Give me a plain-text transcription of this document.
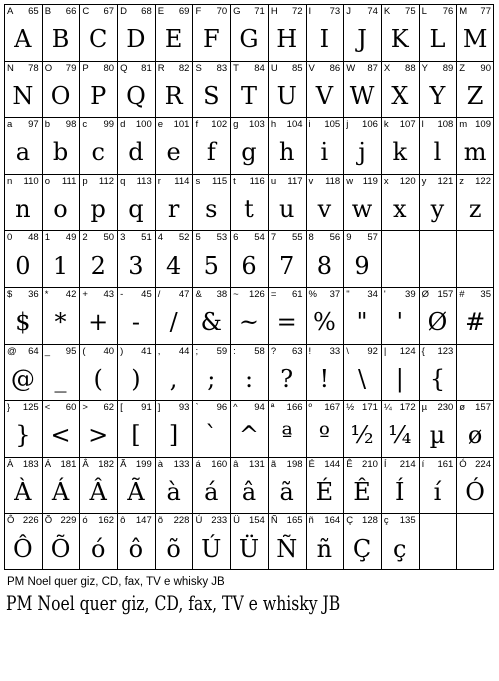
A 65
A
B 66
B
C 67
C
D 68
D
E 69
E
F 70
F
G 71
G
H 72
H
I 73
I
J 74
J
K 75
K
L 76
L
M 77
M
N 78
N
O 79
O
P 80
P
Q 81
Q
R 82
R
S 83
S
T 84
T
U 85
U
V 86
V
W 87
W
X 88
X
Y 89
Y
Z 90
Z
a 97
a
b 98
b
c 99
c
d 100
d
e 101
e
f 102
f
g 103
g
h 104
h
i 105
i
j 106
j
k 107
k
l 108
l
m 109
m
n 110
n
o 111
o
p 112
p
q 113
q
r 114
r
s 115
s
t 116
t
u 117
u
v 118
v
w 119
w
x 120
x
y 121
y
z 122
z
0 48
0
1 49
1
2 50
2
3 51
3
4 52
4
5 53
5
6 54
6
7 55
7
8 56
8
9 57
9
$ 36
$
* 42
*
+ 43
+
- 45
-
/ 47
/
& 38
&
~ 126
~
= 61
=
% 37
%
" 34
"
' 39
'
Ø 157
Ø
# 35
#
@ 64
@
_ 95
_
( 40
(
) 41
)
, 44
,
; 59
;
: 58
:
? 63
?
! 33
!
\ 92
\
| 124
|
{ 123
{
} 125
}
< 60
<
> 62
>
[ 91
[
] 93
]
` 96
`
^ 94
^
ª 166
ª
º 167
º
½ 171
½
¼ 172
¼
µ 230
µ
ø 157
ø
À 183
À
Á 181
Á
Â 182
Â
Ã 199
Ã
à 133
à
á 160
á
â 131
â
ã 198
ã
É 144
É
Ê 210
Ê
Í 214
Í
í 161
í
Ó 224
Ó
Ô 226
Ô
Õ 229
Õ
ó 162
ó
ô 147
ô
õ 228
õ
Ú 233
Ú
Ü 154
Ü
Ñ 165
Ñ
ñ 164
ñ
Ç 128
Ç
ç 135
ç
PM Noel quer giz, CD, fax, TV e whisky JB
PM Noel quer giz, CD, fax, TV e whisky JB
